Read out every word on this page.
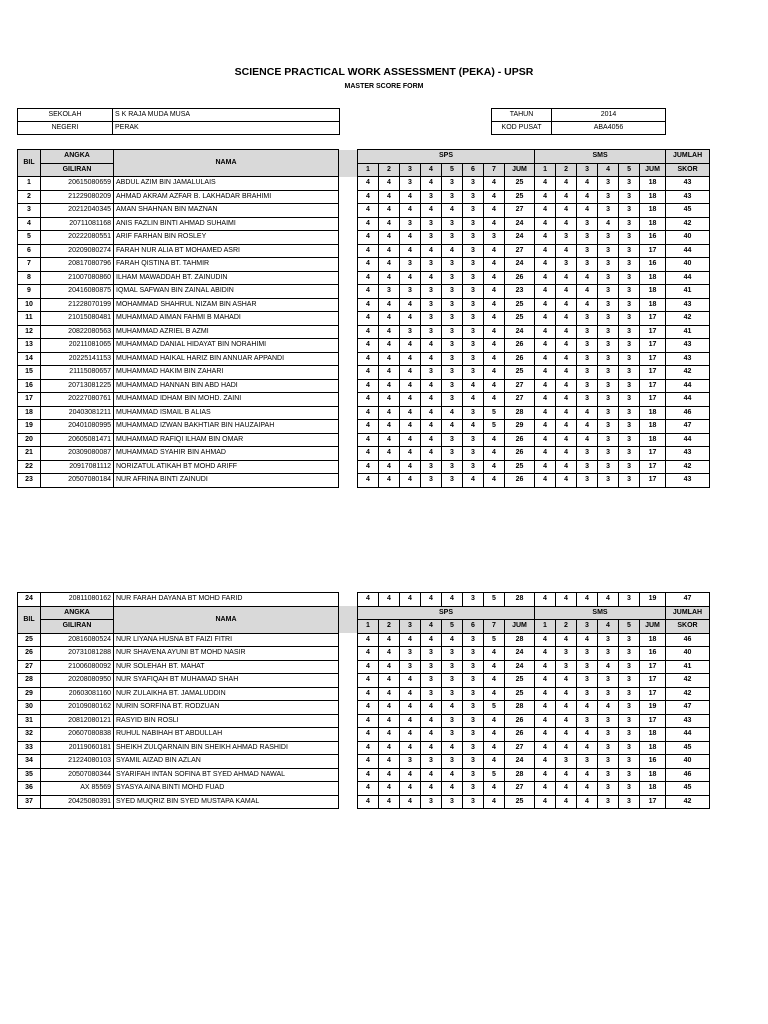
SCIENCE PRACTICAL WORK ASSESSMENT (PEKA) - UPSR
MASTER SCORE FORM
SEKOLAH	S K RAJA MUDA MUSA		TAHUN	2014
NEGERI	PERAK		KOD PUSAT	ABA4056
BIL	ANGKA	NAMA		SPS								SMS						JUMLAH
	GILIRAN			1	2	3	4	5	6	7	JUM	1	2	3	4	5	JUM	SKOR
1	20615080659	ABDUL AZIM BIN JAMALULAIS		4	4	3	4	3	3	4	25	4	4	4	3	3	18	43
2	21229080209	AHMAD AKRAM AZFAR B. LAKHADAR BRAHIMI		4	4	4	3	3	3	4	25	4	4	4	3	3	18	43
3	20212040345	AMAN SHAHNAN BIN MAZNAN		4	4	4	4	4	3	4	27	4	4	4	3	3	18	45
4	20711081168	ANIS FAZLIN BINTI AHMAD SUHAIMI		4	4	3	3	3	3	4	24	4	4	3	4	3	18	42
5	20222080551	ARIF FARHAN BIN ROSLEY		4	4	4	3	3	3	3	24	4	3	3	3	3	16	40
6	20209080274	FARAH NUR ALIA BT MOHAMED ASRI		4	4	4	4	4	3	4	27	4	4	3	3	3	17	44
7	20817080796	FARAH QISTINA BT. TAHMIR		4	4	3	3	3	3	4	24	4	3	3	3	3	16	40
8	21007080860	ILHAM MAWADDAH BT. ZAINUDIN		4	4	4	4	3	3	4	26	4	4	4	3	3	18	44
9	20416080875	IQMAL SAFWAN BIN ZAINAL ABIDIN		4	3	3	3	3	3	4	23	4	4	4	3	3	18	41
10	21228070199	MOHAMMAD SHAHRUL NIZAM BIN ASHAR		4	4	4	3	3	3	4	25	4	4	4	3	3	18	43
11	21015080481	MUHAMMAD AIMAN FAHMI B MAHADI		4	4	4	3	3	3	4	25	4	4	3	3	3	17	42
12	20822080563	MUHAMMAD AZRIEL B AZMI		4	4	3	3	3	3	4	24	4	4	3	3	3	17	41
13	20211081065	MUHAMMAD DANIAL HIDAYAT BIN NORAHIMI		4	4	4	4	3	3	4	26	4	4	3	3	3	17	43
14	20225141153	MUHAMMAD HAIKAL HARIZ BIN ANNUAR APPANDI		4	4	4	4	3	3	4	26	4	4	3	3	3	17	43
15	21115080657	MUHAMMAD HAKIM BIN ZAHARI		4	4	4	3	3	3	4	25	4	4	3	3	3	17	42
16	20713081225	MUHAMMAD HANNAN BIN ABD HADI		4	4	4	4	3	4	4	27	4	4	3	3	3	17	44
17	20227080761	MUHAMMAD IDHAM BIN MOHD. ZAINI		4	4	4	4	3	4	4	27	4	4	3	3	3	17	44
18	20403081211	MUHAMMAD ISMAIL B ALIAS		4	4	4	4	4	3	5	28	4	4	4	3	3	18	46
19	20401080995	MUHAMMAD IZWAN BAKHTIAR BIN HAUZAIPAH		4	4	4	4	4	4	5	29	4	4	4	3	3	18	47
20	20605081471	MUHAMMAD RAFIQI ILHAM BIN OMAR		4	4	4	4	3	3	4	26	4	4	4	3	3	18	44
21	20309080087	MUHAMMAD SYAHIR BIN AHMAD		4	4	4	4	3	3	4	26	4	4	3	3	3	17	43
22	20917081112	NORIZATUL ATIKAH BT MOHD ARIFF		4	4	4	3	3	3	4	25	4	4	3	3	3	17	42
23	20507080184	NUR AFRINA BINTI ZAINUDI		4	4	4	3	3	4	4	26	4	4	3	3	3	17	43
24	20811080162	NUR FARAH DAYANA BT MOHD FARID		4	4	4	4	4	3	5	28	4	4	4	4	3	19	47
BIL	ANGKA	NAMA		SPS								SMS						JUMLAH
	GILIRAN			1	2	3	4	5	6	7	JUM	1	2	3	4	5	JUM	SKOR
25	20816080524	NUR LIYANA HUSNA BT FAIZI FITRI		4	4	4	4	4	3	5	28	4	4	4	3	3	18	46
26	20731081288	NUR SHAVENA AYUNI BT MOHD NASIR		4	4	3	3	3	3	4	24	4	3	3	3	3	16	40
27	21006080092	NUR SOLEHAH BT. MAHAT		4	4	3	3	3	3	4	24	4	3	3	4	3	17	41
28	20208080950	NUR SYAFIQAH BT MUHAMAD SHAH		4	4	4	3	3	3	4	25	4	4	3	3	3	17	42
29	20603081160	NUR ZULAIKHA BT. JAMALUDDIN		4	4	4	3	3	3	4	25	4	4	3	3	3	17	42
30	20109080162	NURIN SORFINA BT. RODZUAN		4	4	4	4	4	3	5	28	4	4	4	4	3	19	47
31	20812080121	RASYID BIN ROSLI		4	4	4	4	3	3	4	26	4	4	3	3	3	17	43
32	20607080838	RUHUL NABIHAH BT ABDULLAH		4	4	4	4	3	3	4	26	4	4	4	3	3	18	44
33	20119060181	SHEIKH ZULQARNAIN BIN SHEIKH AHMAD RASHIDI		4	4	4	4	4	3	4	27	4	4	4	3	3	18	45
34	21224080103	SYAMIL AIZAD BIN AZLAN		4	4	3	3	3	3	4	24	4	3	3	3	3	16	40
35	20507080344	SYARIFAH INTAN SOFINA BT SYED AHMAD NAWAL		4	4	4	4	4	3	5	28	4	4	4	3	3	18	46
36	AX 85569	SYASYA AINA BINTI MOHD FUAD		4	4	4	4	4	3	4	27	4	4	4	3	3	18	45
37	20425080391	SYED MUQRIZ BIN SYED MUSTAPA KAMAL		4	4	4	3	3	3	4	25	4	4	4	3	3	17	42
